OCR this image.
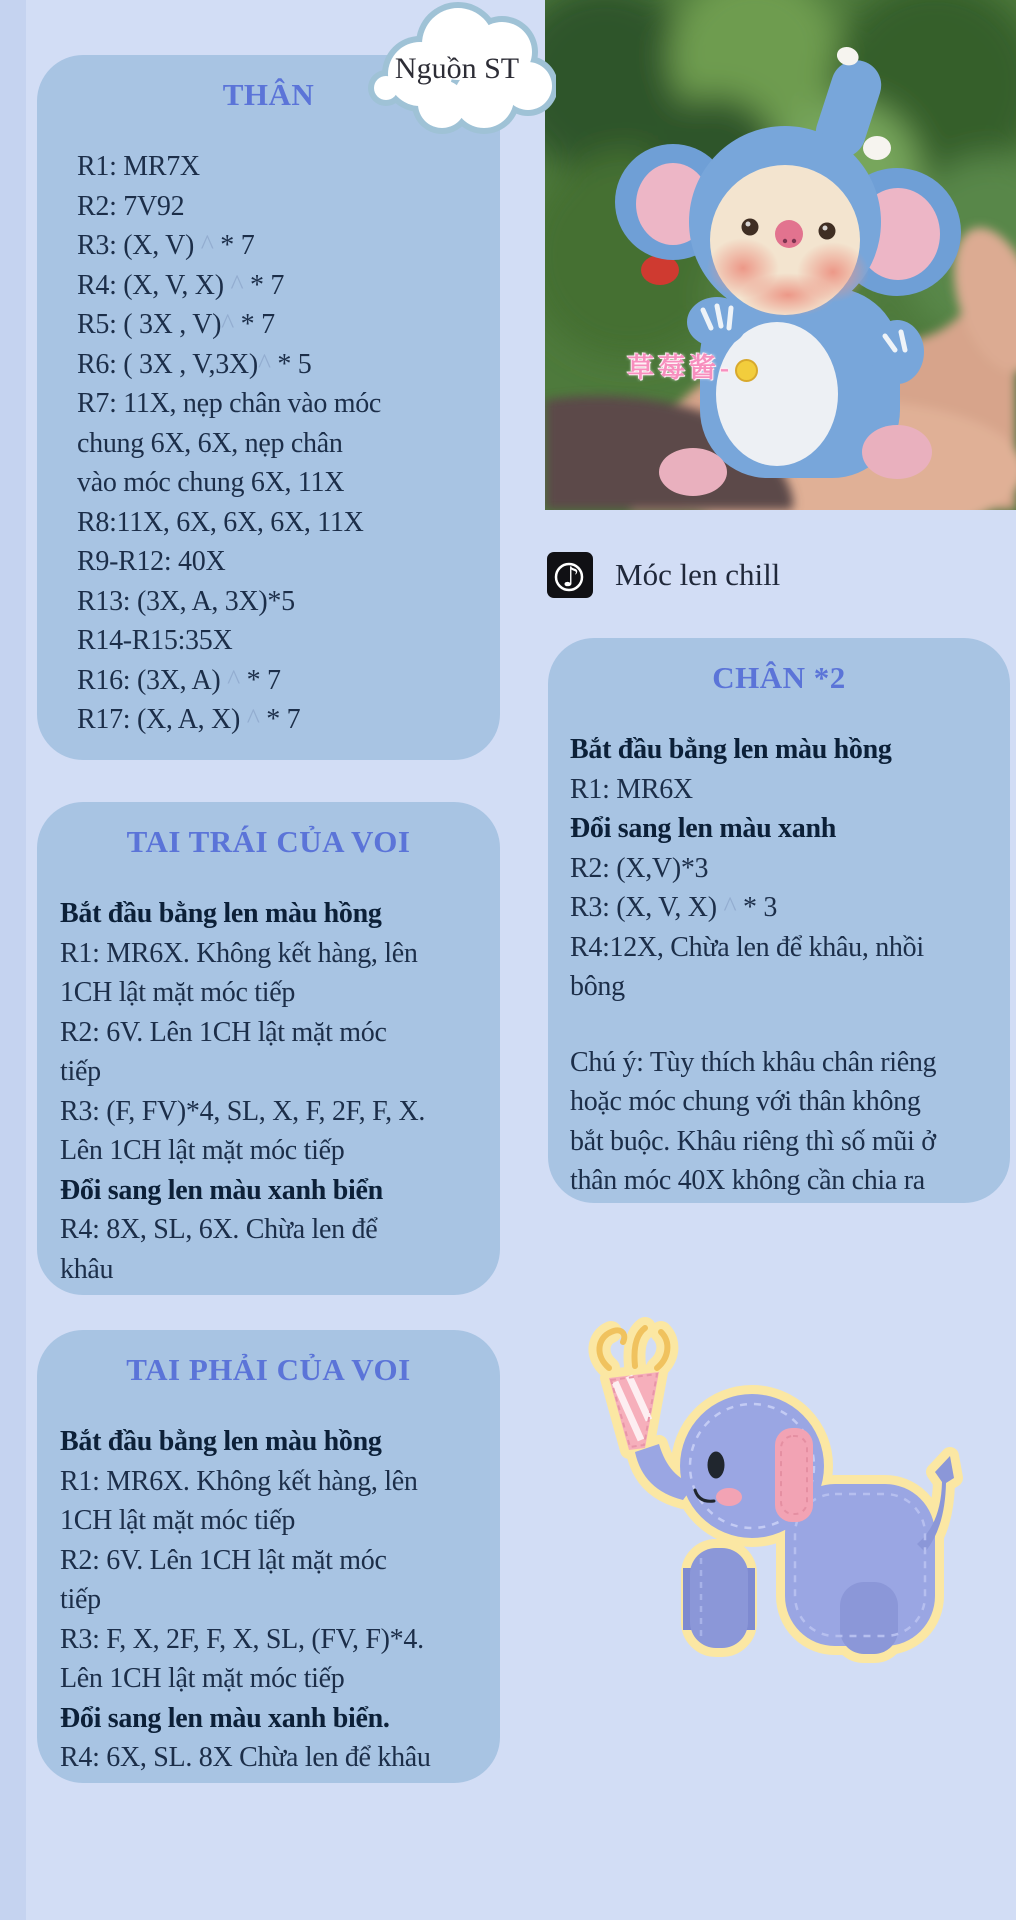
THÂN
R1: MR7X
R2: 7V92
R3: (X, V) ^ * 7
R4: (X, V, X) ^ * 7
R5: ( 3X , V)^ * 7
R6: ( 3X , V,3X)^ * 5
R7: 11X, nẹp chân vào móc
chung 6X, 6X, nẹp chân
vào móc chung 6X, 11X
R8:11X, 6X, 6X, 6X, 11X
R9-R12: 40X
R13: (3X, A, 3X)*5
R14-R15:35X
R16: (3X, A) ^ * 7
R17: (X, A, X) ^ * 7
TAI TRÁI CỦA VOI
Bắt đầu bằng len màu hồng
R1: MR6X. Không kết hàng, lên
1CH lật mặt móc tiếp
R2: 6V. Lên 1CH lật mặt móc
tiếp
R3: (F, FV)*4, SL, X, F, 2F, F, X.
Lên 1CH lật mặt móc tiếp
Đổi sang len màu xanh biển
R4: 8X, SL, 6X. Chừa len để
khâu
TAI PHẢI CỦA VOI
Bắt đầu bằng len màu hồng
R1: MR6X. Không kết hàng, lên
1CH lật mặt móc tiếp
R2: 6V. Lên 1CH lật mặt móc
tiếp
R3: F, X, 2F, F, X, SL, (FV, F)*4.
Lên 1CH lật mặt móc tiếp
Đổi sang len màu xanh biển.
R4: 6X, SL. 8X Chừa len để khâu
CHÂN *2
Bắt đầu bằng len màu hồng
R1: MR6X
Đổi sang len màu xanh
R2: (X,V)*3
R3: (X, V, X) ^ * 3
R4:12X, Chừa len để khâu, nhồi
bông
Chú ý: Tùy thích khâu chân riêng
hoặc móc chung với thân không
bắt buộc. Khâu riêng thì số mũi ở
thân móc 40X không cần chia ra
草莓酱-
Nguồn ST
♪ Móc len chill
